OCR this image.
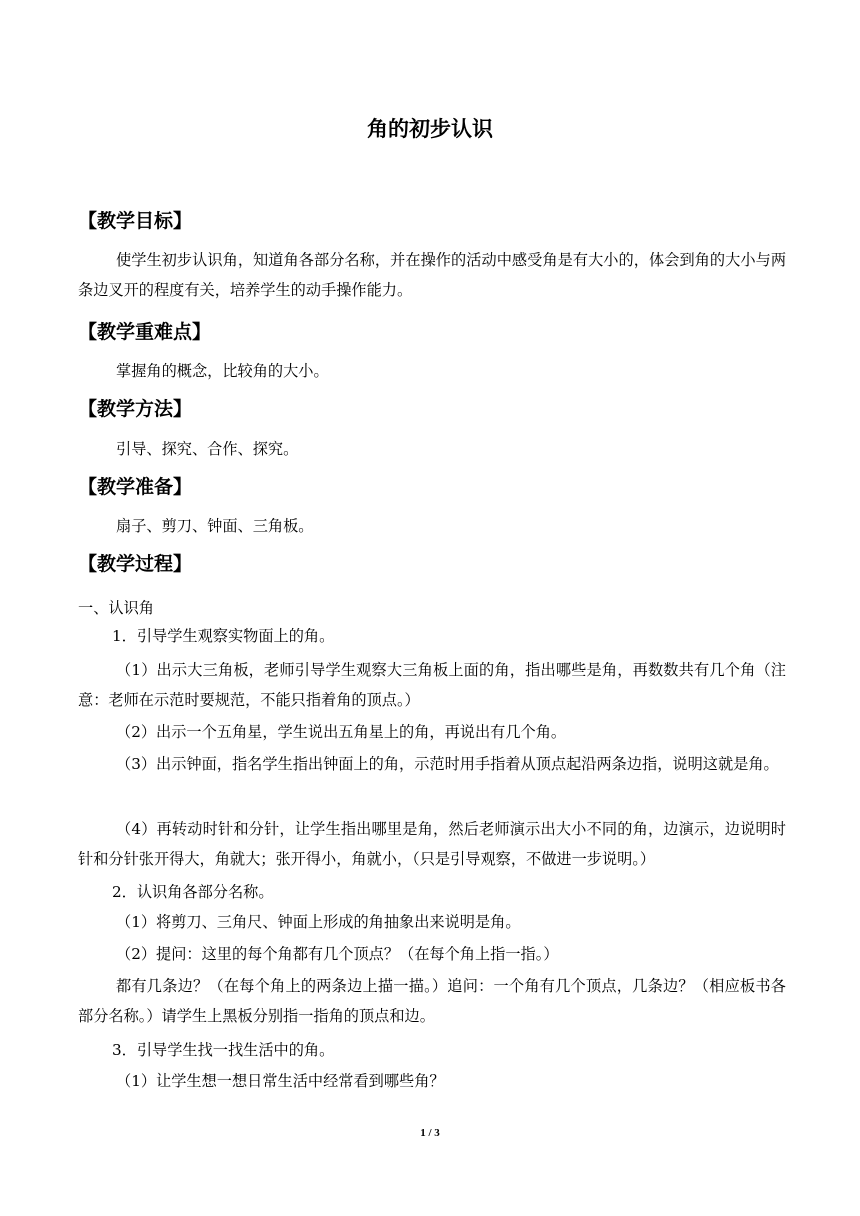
角的初步认识
【教学目标】
使学生初步认识角，知道角各部分名称，并在操作的活动中感受角是有大小的，体会到角的大小与两条边叉开的程度有关，培养学生的动手操作能力。
【教学重难点】
掌握角的概念，比较角的大小。
【教学方法】
引导、探究、合作、探究。
【教学准备】
扇子、剪刀、钟面、三角板。
【教学过程】
一、认识角
1．引导学生观察实物面上的角。
（1）出示大三角板，老师引导学生观察大三角板上面的角，指出哪些是角，再数数共有几个角（注意：老师在示范时要规范，不能只指着角的顶点。）
（2）出示一个五角星，学生说出五角星上的角，再说出有几个角。
（3）出示钟面，指名学生指出钟面上的角，示范时用手指着从顶点起沿两条边指，说明这就是角。
（4）再转动时针和分针，让学生指出哪里是角，然后老师演示出大小不同的角，边演示，边说明时针和分针张开得大，角就大；张开得小，角就小，（只是引导观察，不做进一步说明。）
2．认识角各部分名称。
（1）将剪刀、三角尺、钟面上形成的角抽象出来说明是角。
（2）提问：这里的每个角都有几个顶点？（在每个角上指一指。）
都有几条边？（在每个角上的两条边上描一描。）追问：一个角有几个顶点，几条边？（相应板书各部分名称。）请学生上黑板分别指一指角的顶点和边。
3．引导学生找一找生活中的角。
（1）让学生想一想日常生活中经常看到哪些角？
1 / 3
